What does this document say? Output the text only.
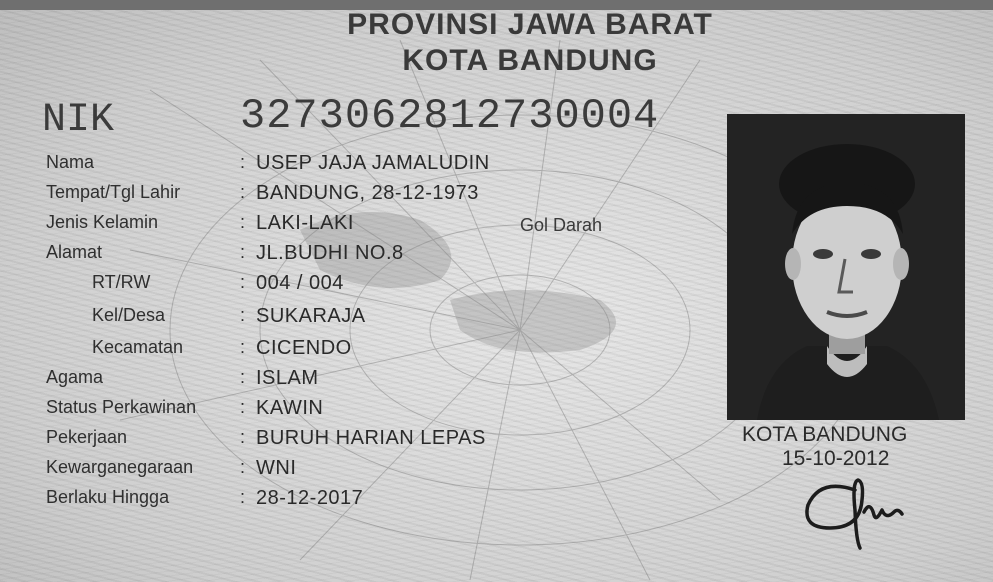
PROVINSI JAWA BARAT
KOTA BANDUNG
NIK	3273062812730004
Nama	: USEP JAJA JAMALUDIN
Tempat/Tgl Lahir	: BANDUNG, 28-12-1973
Jenis Kelamin	: LAKI-LAKI	Gol Darah
Alamat	: JL.BUDHI NO.8
RT/RW	: 004 / 004
Kel/Desa	: SUKARAJA
Kecamatan	: CICENDO
Agama	: ISLAM
Status Perkawinan : KAWIN
Pekerjaan	: BURUH HARIAN LEPAS
Kewarganegaraan	: WNI
Berlaku Hingga	: 28-12-2017
KOTA BANDUNG
15-10-2012
